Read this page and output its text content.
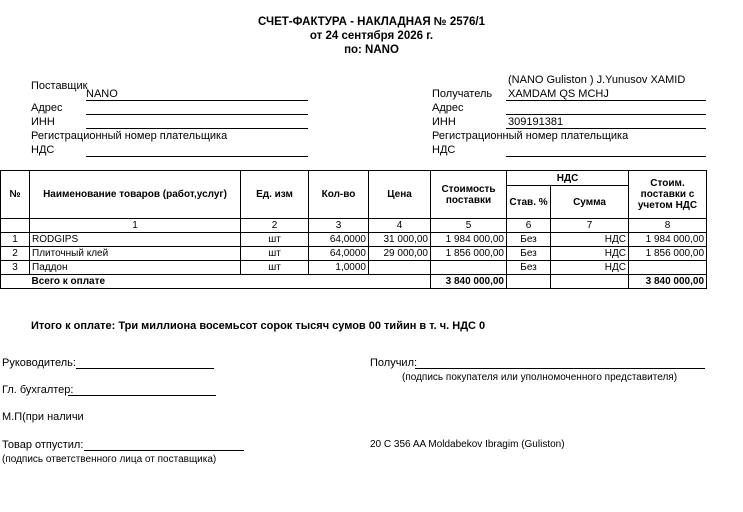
СЧЕТ-ФАКТУРА - НАКЛАДНАЯ № 2576/1
от 24 сентября 2026 г.
по: NANO
Поставщик
NANO
Адрес
ИНН
Регистрационный номер плательщика
НДС
(NANO Guliston ) J.Yunusov XAMID
Получатель XAMDAM QS MCHJ
Адрес
ИНН	309191381
Регистрационный номер плательщика
НДС
№	Наименование товаров (работ,услуг)	Ед. изм	Кол-во	Цена	Стоимость поставки	НДС		Стоим. поставки с учетом НДС
						Став. %	Сумма	
	1	2	3	4	5	6	7	8
1	RODGIPS	шт	64,0000	31 000,00	1 984 000,00	Без	НДС	1 984 000,00
2	Плиточный клей	шт	64,0000	29 000,00	1 856 000,00	Без	НДС	1 856 000,00
3	Паддон	шт	1,0000			Без	НДС	
	Всего к оплате				3 840 000,00			3 840 000,00
Итого к оплате: Три миллиона восемьсот сорок тысяч сумов 00 тийин в т. ч. НДС 0
Руководитель:	Получил:
(подпись покупателя или уполномоченного представителя)
Гл. бухгалтер:
М.П(при наличи
Товар отпустил:
(подпись ответственного лица от поставщика)
20 C 356 AA Moldabekov Ibragim (Guliston)
